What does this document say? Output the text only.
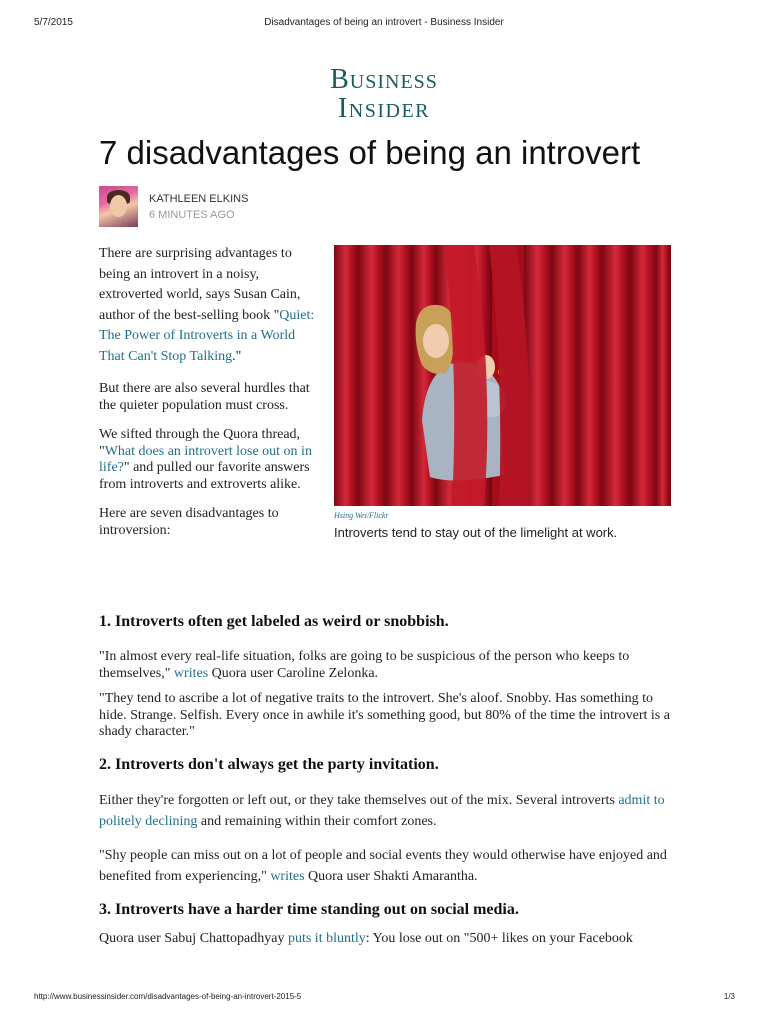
5/7/2015	Disadvantages of being an introvert - Business Insider
Business
Insider
7 disadvantages of being an introvert
KATHLEEN ELKINS
6 MINUTES AGO

There are surprising advantages to being an introvert in a noisy, extroverted world, says Susan Cain, author of the best-selling book "Quiet: The Power of Introverts in a World That Can't Stop Talking."

But there are also several hurdles that the quieter population must cross.

We sifted through the Quora thread, "What does an introvert lose out on in life?" and pulled our favorite answers from introverts and extroverts alike.

Here are seven disadvantages to introversion:

Hsing Wei/Flickr
Introverts tend to stay out of the limelight at work.
1. Introverts often get labeled as weird or snobbish.

"In almost every real-life situation, folks are going to be suspicious of the person who keeps to themselves," writes Quora user Caroline Zelonka.

"They tend to ascribe a lot of negative traits to the introvert. She's aloof. Snobby. Has something to hide. Strange. Selfish. Every once in awhile it's something good, but 80% of the time the introvert is a shady character."

2. Introverts don't always get the party invitation.

Either they're forgotten or left out, or they take themselves out of the mix. Several introverts admit to politely declining and remaining within their comfort zones.

"Shy people can miss out on a lot of people and social events they would otherwise have enjoyed and benefited from experiencing," writes Quora user Shakti Amarantha.

3. Introverts have a harder time standing out on social media.

Quora user Sabuj Chattopadhyay puts it bluntly: You lose out on "500+ likes on your Facebook

http://www.businessinsider.com/disadvantages-of-being-an-introvert-2015-5	1/3
